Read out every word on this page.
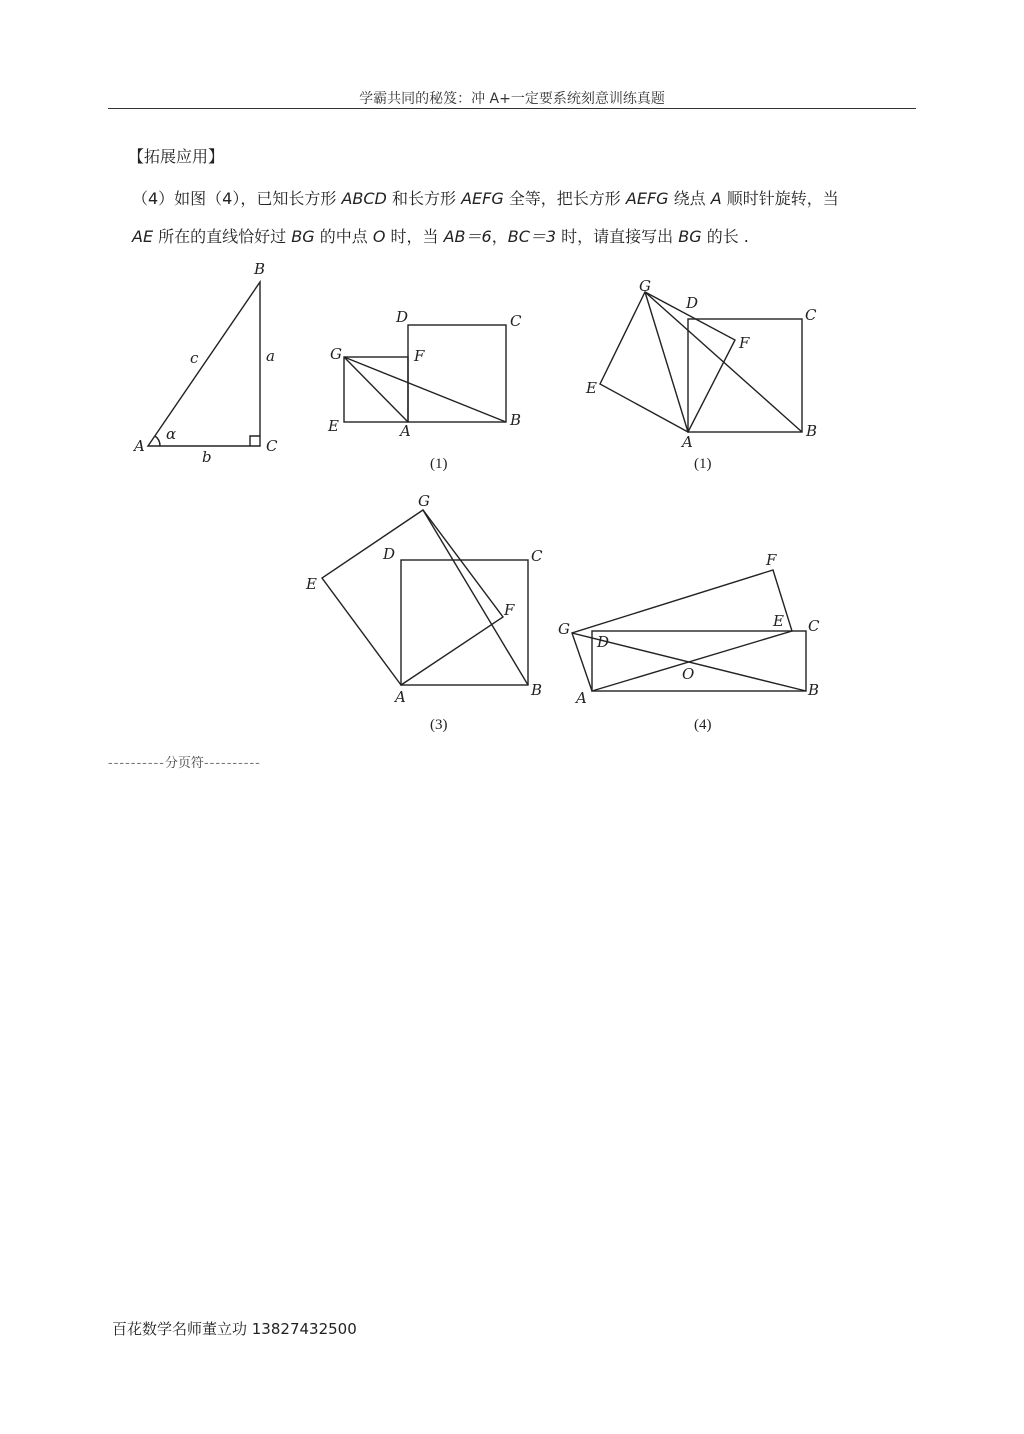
学霸共同的秘笈：冲 A+一定要系统刻意训练真题
【拓展应用】
（4）如图（4），已知长方形 ABCD 和长方形 AEFG 全等，把长方形 AEFG 绕点 A 顺时针旋转，当
AE 所在的直线恰好过 BG 的中点 O 时，当 AB＝6，BC＝3 时，请直接写出 BG 的长 .
A
B
C
a
b
c
α
D	C
G	F
E	A
B
(1)
G
D
C
F
E
A
B
(1)
G
D	C
E
F
A	B
(3)
F
G
D
E C
O
A	B
(4)
----------分页符----------
百花数学名师董立功 13827432500
